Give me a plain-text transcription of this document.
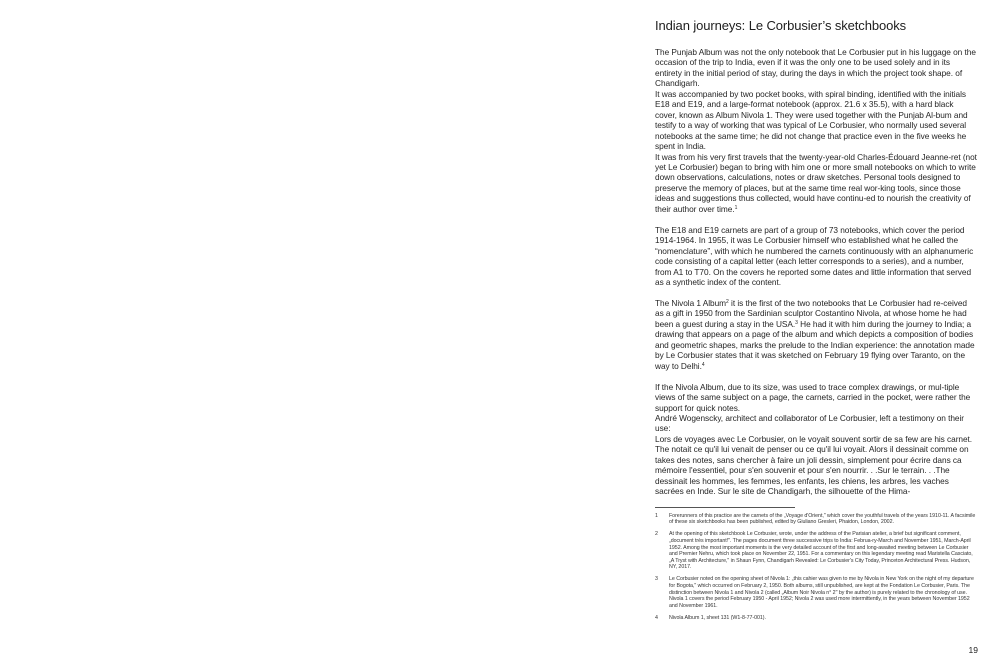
Indian journeys: Le Corbusier’s sketchbooks

The Punjab Album was not the only notebook that Le Corbusier put in his luggage on the occasion of the trip to India, even if it was the only one to be used solely and in its entirety in the initial period of stay, during the days in which the project took shape. of Chandigarh.

It was accompanied by two pocket books, with spiral binding, identified with the initials E18 and E19, and a large-format notebook (approx. 21.6 x 35.5), with a hard black cover, known as Album Nivola 1. They were used together with the Punjab Al-bum and testify to a way of working that was typical of Le Corbusier, who normally used several notebooks at the same time; he did not change that practice even in the five weeks he spent in India.

It was from his very first travels that the twenty-year-old Charles-Édouard Jeanne-ret (not yet Le Corbusier) began to bring with him one or more small notebooks on which to write down observations, calculations, notes or draw sketches. Personal tools designed to preserve the memory of places, but at the same time real wor-king tools, since those ideas and suggestions thus collected, would have continu-ed to nourish the creativity of their author over time.$^1$

The E18 and E19 carnets are part of a group of 73 notebooks, which cover the period 1914-1964. In 1955, it was Le Corbusier himself who established what he called the “nomenclature”, with which he numbered the carnets continuously with an alphanumeric code consisting of a capital letter (each letter corresponds to a series), and a number, from A1 to T70. On the covers he reported some dates and little information that served as a synthetic index of the content.

The Nivola 1 Album$^2$ it is the first of the two notebooks that Le Corbusier had re-ceived as a gift in 1950 from the Sardinian sculptor Costantino Nivola, at whose home he had been a guest during a stay in the USA.$^3$ He had it with him during the journey to India; a drawing that appears on a page of the album and which depicts a composition of bodies and geometric shapes, marks the prelude to the Indian experience: the annotation made by Le Corbusier states that it was sketched on February 19 flying over Taranto, on the way to Delhi.$^4$

If the Nivola Album, due to its size, was used to trace complex drawings, or mul-tiple views of the same subject on a page, the carnets, carried in the pocket, were rather the support for quick notes.

André Wogenscky, architect and collaborator of Le Corbusier, left a testimony on their use:

Lors de voyages avec Le Corbusier, on le voyait souvent sortir de sa few are his carnet. The notait ce qu'il lui venait de penser ou ce qu'il lui voyait. Alors il dessinait comme on takes des notes, sans chercher à faire un joli dessin, simplement pour écrire dans ca mémoire l'essentiel, pour s'en souvenir et pour s'en nourrir. . .Sur le terrain. . .The dessinait les hommes, les femmes, les enfants, les chiens, les arbres, les vaches sacrées en Inde. Sur le site de Chandigarh, the silhouette of the Hima-

1	Forerunners of this practice are the carnets of the „Voyage d'Orient," which cover the youthful travels of the years 1910-11. A facsimile of these six sketchbooks has been published, edited by Giuliano Gresleri, Phaidon, London, 2002.
2	At the opening of this sketchbook Le Corbusier, wrote, under the address of the Parisian atelier, a brief but significant comment, „document très important!". The pages document three successive trips to India: Februa-ry-March and November 1951, March-April 1952. Among the most important moments is the very detailed account of the first and long-awaited meeting between Le Corbusier and Premier Nehru, which took place on November 22, 1951. For a commentary on this legendary meeting read Maristella Casciato, „A Tryst with Architecture," in Shaun Fynn, Chandigarh Revealed: Le Corbusier's City Today, Princeton Architectural Press. Hudson, NY, 2017.
3	Le Corbusier noted on the opening sheet of Nivola 1: „this cahier was given to me by Nivola in New York on the night of my departure for Bogota," which occurred on February 2, 1950. Both albums, still unpublished, are kept at the Fondation Le Corbusier, Paris. The distinction between Nivola 1 and Nivola 2 (called „Album Noir Nivola n° 2" by the author) is purely related to the chronology of use. Nivola 1 covers the period February 1950 - April 1952; Nivola 2 was used more intermittently, in the years between November 1952 and November 1961.
4	Nivola Album 1, sheet 131 (W1-8-77-001).
19
